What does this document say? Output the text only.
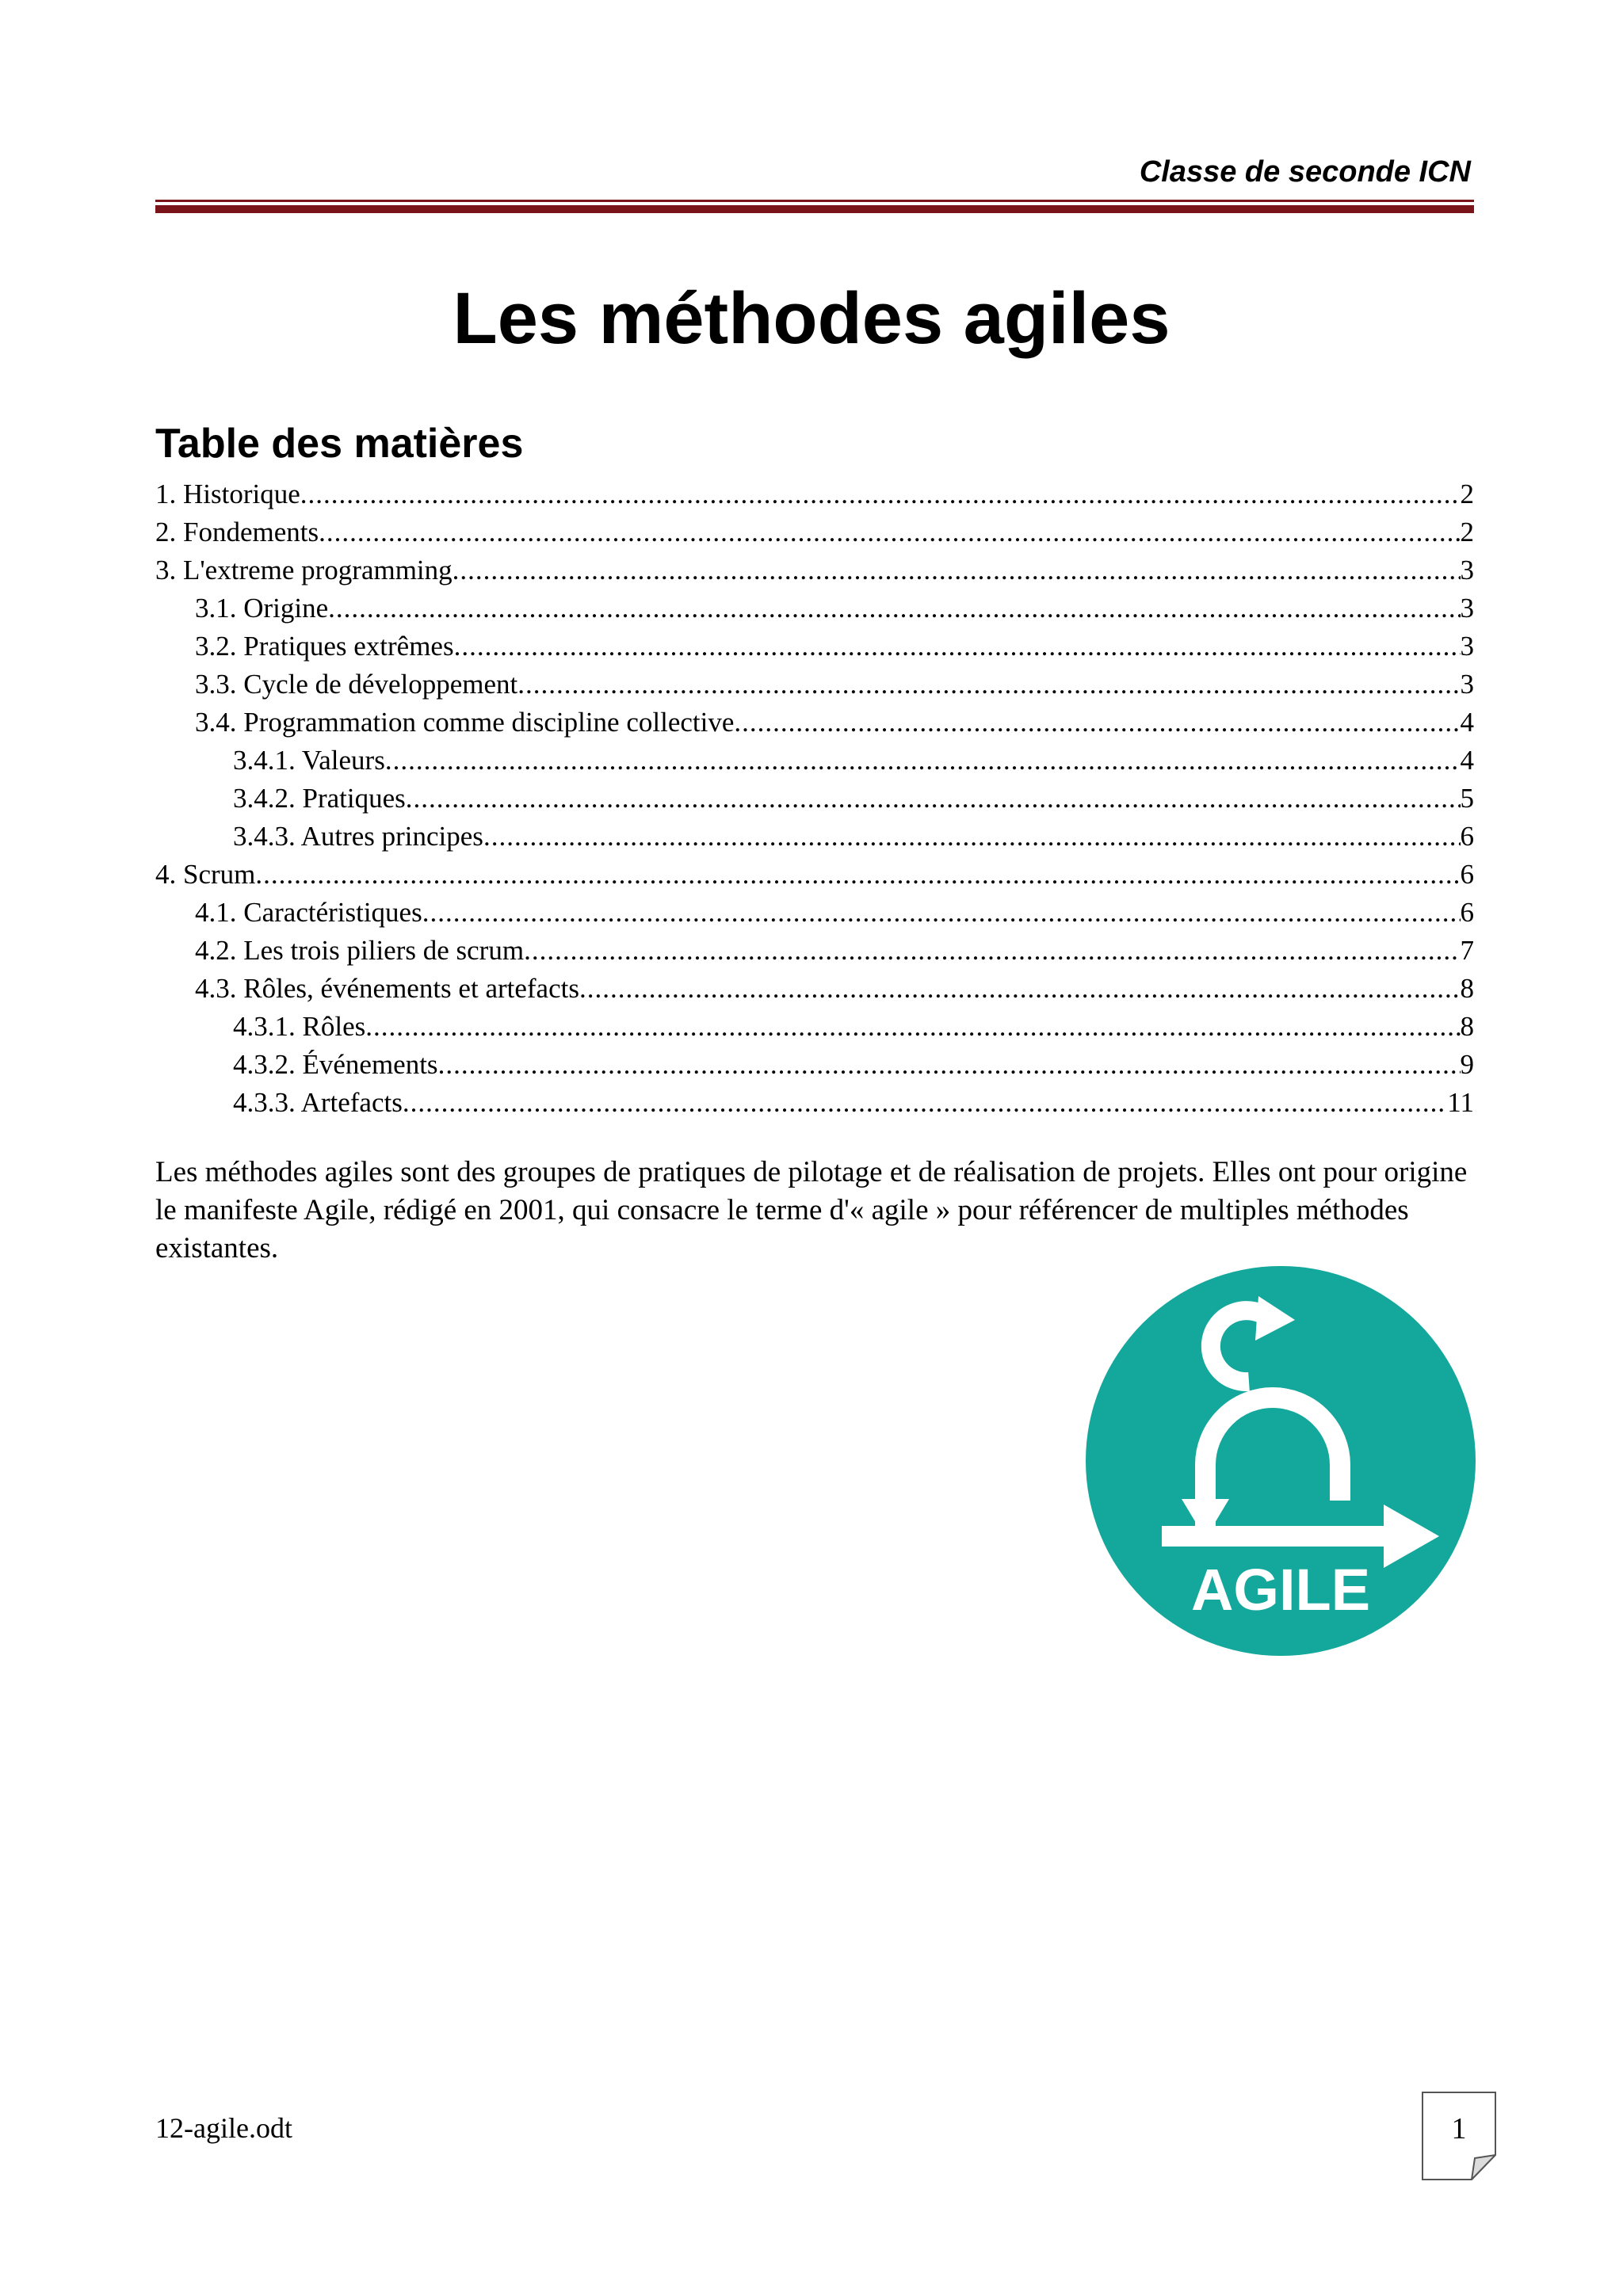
Classe de seconde ICN
Les méthodes agiles
Table des matières
1. Historique .....	2
2. Fondements .....	2
3. L'extreme programming .....	3
3.1. Origine .....	3
3.2. Pratiques extrêmes .....	3
3.3. Cycle de développement .....	3
3.4. Programmation comme discipline collective .....	4
3.4.1. Valeurs .....	4
3.4.2. Pratiques .....	5
3.4.3. Autres principes .....	6
4. Scrum .....	6
4.1. Caractéristiques .....	6
4.2. Les trois piliers de scrum .....	7
4.3. Rôles, événements et artefacts .....	8
4.3.1. Rôles .....	8
4.3.2. Événements .....	9
4.3.3. Artefacts .....	11
Les méthodes agiles sont des groupes de pratiques de pilotage et de réalisation de projets. Elles ont pour origine le manifeste Agile, rédigé en 2001, qui consacre le terme d'« agile » pour référencer de multiples méthodes existantes.
AGILE
12-agile.odt	1
